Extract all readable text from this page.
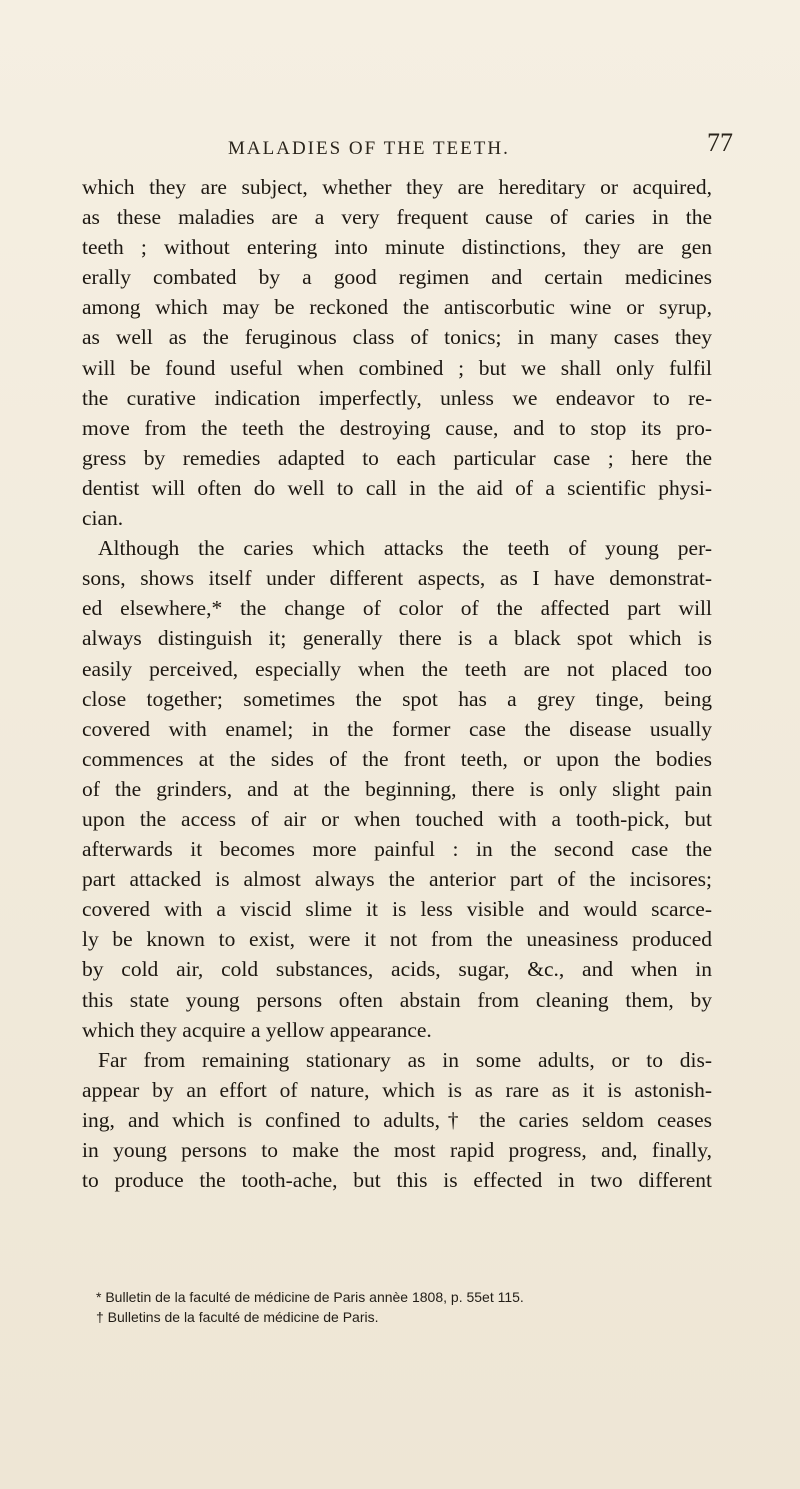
MALADIES OF THE TEETH.	77
which they are subject, whether they are hereditary or acquired,
as these maladies are a very frequent cause of caries in the
teeth ; without entering into minute distinctions, they are gen
erally combated by a good regimen and certain medicines
among which may be reckoned the antiscorbutic wine or syrup,
as well as the feruginous class of tonics; in many cases they
will be found useful when combined ; but we shall only fulfil
the curative indication imperfectly, unless we endeavor to re-
move from the teeth the destroying cause, and to stop its pro-
gress by remedies adapted to each particular case ; here the
dentist will often do well to call in the aid of a scientific physi-
cian.
Although the caries which attacks the teeth of young per-
sons, shows itself under different aspects, as I have demonstrat-
ed elsewhere,* the change of color of the affected part will
always distinguish it; generally there is a black spot which is
easily perceived, especially when the teeth are not placed too
close together; sometimes the spot has a grey tinge, being
covered with enamel; in the former case the disease usually
commences at the sides of the front teeth, or upon the bodies
of the grinders, and at the beginning, there is only slight pain
upon the access of air or when touched with a tooth-pick, but
afterwards it becomes more painful : in the second case the
part attacked is almost always the anterior part of the incisores;
covered with a viscid slime it is less visible and would scarce-
ly be known to exist, were it not from the uneasiness produced
by cold air, cold substances, acids, sugar, &c., and when in
this state young persons often abstain from cleaning them, by
which they acquire a yellow appearance.
Far from remaining stationary as in some adults, or to dis-
appear by an effort of nature, which is as rare as it is astonish-
ing, and which is confined to adults,† the caries seldom ceases
in young persons to make the most rapid progress, and, finally,
to produce the tooth-ache, but this is effected in two different
* Bulletin de la faculté de médicine de Paris annèe 1808, p. 55et 115.
† Bulletins de la faculté de médicine de Paris.
